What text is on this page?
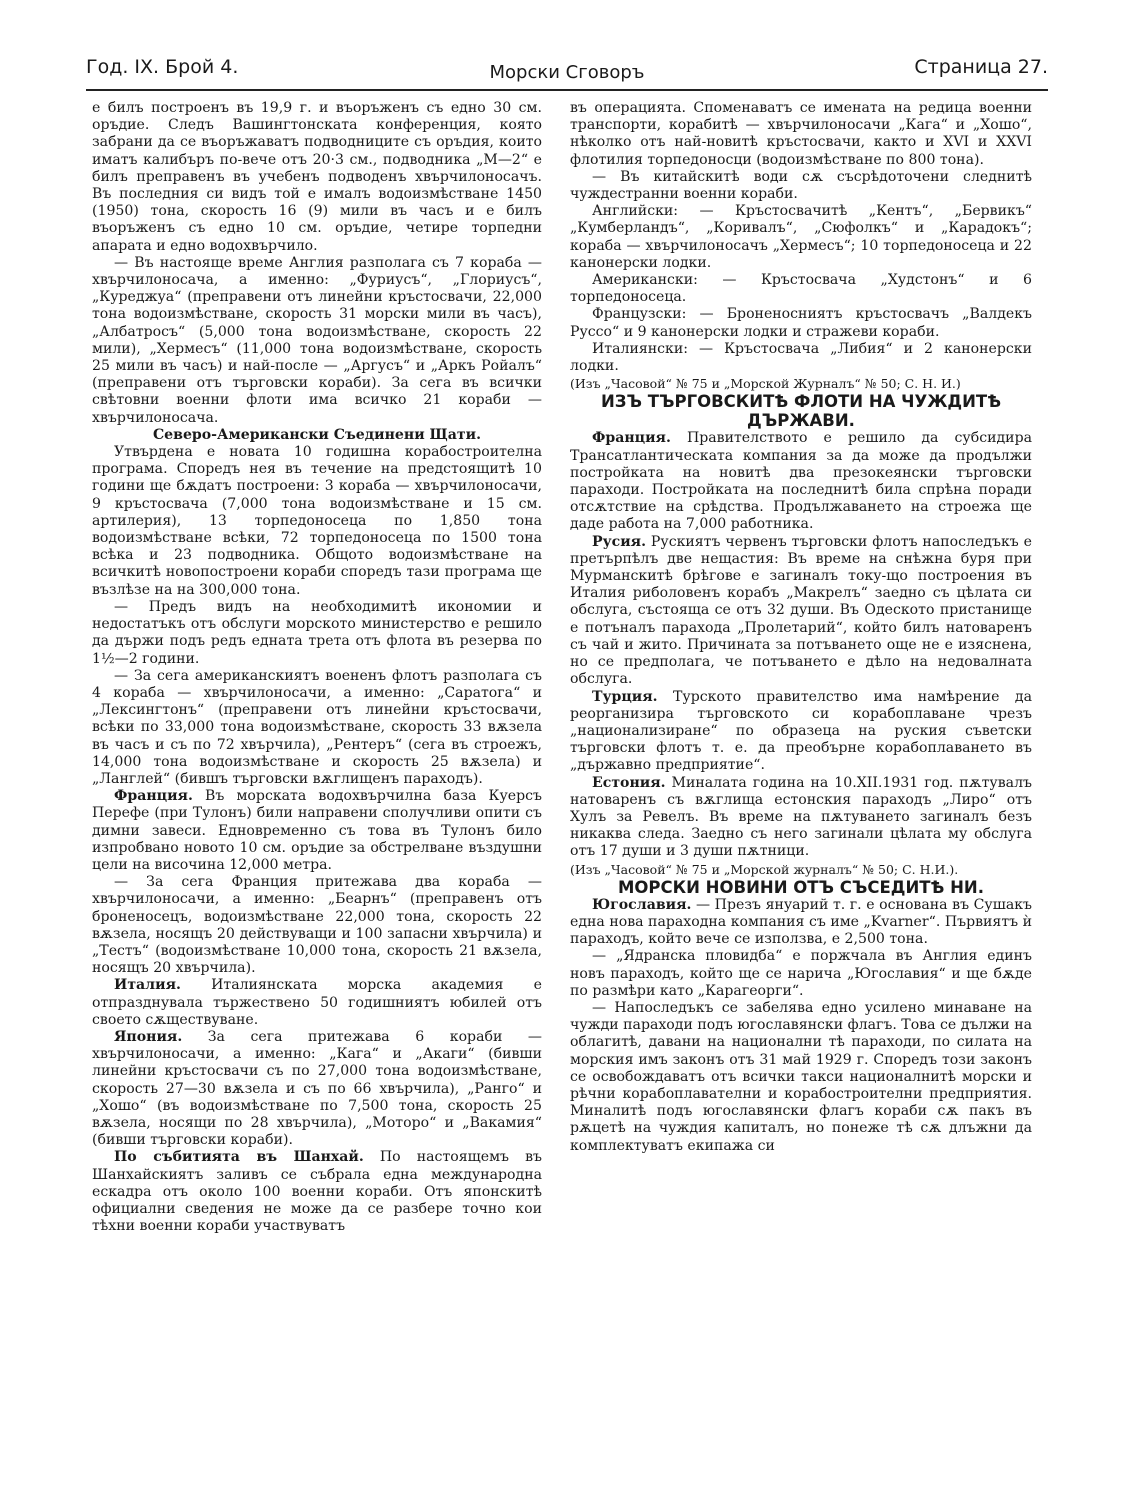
Год. IX. Брой 4.	Морски Сговоръ	Страница 27.

е билъ построенъ въ 19,9 г. и въоръженъ съ едно 30 см. оръдие. Следъ Вашингтонската конференция, която забрани да се въоръжаватъ подводниците съ оръдия, които иматъ калибъръ по-вече отъ 20·3 см., подводника „М—2“ е билъ преправенъ въ учебенъ подводенъ хвърчилоносачъ. Въ последния си видъ той е ималъ водоизмѣстване 1450 (1950) тона, скорость 16 (9) мили въ часъ и е билъ въоръженъ съ едно 10 см. оръдие, четире торпедни апарата и едно водохвърчило.

— Въ настояще време Англия разполага съ 7 кораба — хвърчилоносача, а именно: „Фуриусъ“, „Глориусъ“, „Куреджуа“ (преправени отъ линейни кръстосвачи, 22,000 тона водоизмѣстване, скорость 31 морски мили въ часъ), „Албатросъ“ (5,000 тона водоизмѣстване, скорость 22 мили), „Хермесъ“ (11,000 тона водоизмѣстване, скорость 25 мили въ часъ) и най-после — „Аргусъ“ и „Аркъ Ройалъ“ (преправени отъ търговски кораби). За сега въ всички свѣтовни военни флоти има всичко 21 кораби — хвърчилоносача.

Северо-Американски Съединени Щати.

Утвърдена е новата 10 годишна корабостроителна програма. Споредъ нея въ течение на предстоящитѣ 10 години ще бѫдатъ построени: 3 кораба — хвърчилоносачи, 9 кръстосвача (7,000 тона водоизмѣстване и 15 см. артилерия), 13 торпедоносеца по 1,850 тона водоизмѣстване всѣки, 72 торпедоносеца по 1500 тона всѣка и 23 подводника. Общото водоизмѣстване на всичкитѣ новопостроени кораби споредъ тази програма ще възлѣзе на на 300,000 тона.

— Предъ видъ на необходимитѣ икономии и недостатъкъ отъ обслуги морското министерство е решило да държи подъ редъ едната трета отъ флота въ резерва по 1½—2 години.

— За сега американскиятъ воененъ флотъ разполага съ 4 кораба — хвърчилоносачи, а именно: „Саратога“ и „Лексингтонъ“ (преправени отъ линейни кръстосвачи, всѣки по 33,000 тона водоизмѣстване, скорость 33 вѫзела въ часъ и съ по 72 хвърчила), „Рентеръ“ (сега въ строежъ, 14,000 тона водоизмѣстване и скорость 25 вѫзела) и „Ланглей“ (бившъ търговски вѫглищенъ параходъ).

Франция. Въ морската водохвърчилна база Куерсъ Перефе (при Тулонъ) били направени сполучливи опити съ димни завеси. Едновременно съ това въ Тулонъ било изпробвано новото 10 см. оръдие за обстрелване въздушни цели на височина 12,000 метра.

— За сега Франция притежава два кораба — хвърчилоносачи, а именно: „Беарнъ“ (преправенъ отъ броненосецъ, водоизмѣстване 22,000 тона, скорость 22 вѫзела, носящъ 20 действуващи и 100 запасни хвърчила) и „Тестъ“ (водоизмѣстване 10,000 тона, скорость 21 вѫзела, носящъ 20 хвърчила).

Италия. Италиянската морска академия е отпразднувала тържествено 50 годишниятъ юбилей отъ своето сѫществуване.

Япония. За сега притежава 6 кораби — хвърчилоносачи, а именно: „Кага“ и „Акаги“ (бивши линейни кръстосвачи съ по 27,000 тона водоизмѣстване, скорость 27—30 вѫзела и съ по 66 хвърчила), „Ранго“ и „Хошо“ (въ водоизмѣстване по 7,500 тона, скорость 25 вѫзела, носящи по 28 хвърчила), „Моторо“ и „Вакамия“ (бивши търговски кораби).

По събитията въ Шанхай. По настоящемъ въ Шанхайскиятъ заливъ се събрала една международна ескадра отъ около 100 военни кораби. Отъ японскитѣ официални сведения не може да се разбере точно кои тѣхни военни кораби участвуватъ

въ операцията. Споменаватъ се имената на редица военни транспорти, корабитѣ — хвърчилоносачи „Кага“ и „Хошо“, нѣколко отъ най-новитѣ кръстосвачи, както и XVI и XXVI флотилия торпедоносци (водоизмѣстване по 800 тона).

— Въ китайскитѣ води сѫ съсрѣдоточени следнитѣ чуждестранни военни кораби.

Английски: — Кръстосвачитѣ „Кентъ“, „Бервикъ“ „Кумберландъ“, „Коривалъ“, „Сюфолкъ“ и „Карадокъ“; кораба — хвърчилоносачъ „Хермесъ“; 10 торпедоносеца и 22 канонерски лодки.

Американски: — Кръстосвача „Худстонъ“ и 6 торпедоносеца.

Французски: — Броненосниятъ кръстосвачъ „Валдекъ Руссо“ и 9 канонерски лодки и стражеви кораби.

Италиянски: — Кръстосвача „Либия“ и 2 канонерски лодки.

(Изъ „Часовой“ № 75 и „Морской Журналъ“ № 50; С. Н. И.)

ИЗЪ ТЪРГОВСКИТѢ ФЛОТИ НА ЧУЖДИТѢ ДЪРЖАВИ.

Франция. Правителството е решило да субсидира Трансатлантическата компания за да може да продължи постройката на новитѣ два презокеянски търговски параходи. Постройката на последнитѣ била спрѣна поради отсѫтствие на срѣдства. Продължаването на строежа ще даде работа на 7,000 работника.

Русия. Рускиятъ червенъ търговски флотъ напоследъкъ е претърпѣлъ две нещастия: Въ време на снѣжна буря при Мурманскитѣ брѣгове е загиналъ току-що построения въ Италия риболовенъ корабъ „Макрелъ“ заедно съ цѣлата си обслуга, състояща се отъ 32 души. Въ Одеското пристанище е потъналъ парахода „Пролетарий“, който билъ натоваренъ съ чай и жито. Причината за потъването още не е изяснена, но се предполага, че потъването е дѣло на недовалната обслуга.

Турция. Турското правителство има намѣрение да реорганизира търговското си корабоплаване чрезъ „национализиране“ по образеца на руския съветски търговски флотъ т. е. да преобърне корабоплаването въ „държавно предприятие“.

Естония. Миналата година на 10.XII.1931 год. пѫтувалъ натоваренъ съ вѫглища естонския параходъ „Лиро“ отъ Хулъ за Ревелъ. Въ време на пѫтуването загиналъ безъ никаква следа. Заедно съ него загинали цѣлата му обслуга отъ 17 души и 3 души пѫтници.

(Изъ „Часовой“ № 75 и „Морской журналъ“ № 50; С. Н.И.).

МОРСКИ НОВИНИ ОТЪ СЪСЕДИТѢ НИ.

Югославия. — Презъ януарий т. г. е основана въ Сушакъ една нова параходна компания съ име „Kvarner“. Първиятъ ѝ параходъ, който вече се използва, е 2,500 тона.

— „Ядранска пловидба“ е поржчала въ Англия единъ новъ параходъ, който ще се нарича „Югославия“ и ще бѫде по размѣри като „Карагеорги“.

— Напоследъкъ се забелява едно усилено минаване на чужди параходи подъ югославянски флагъ. Това се дължи на облагитѣ, давани на национални тѣ параходи, по силата на морския имъ законъ отъ 31 май 1929 г. Споредъ този законъ се освобождаватъ отъ всички такси националнитѣ морски и рѣчни корабоплавателни и корабостроителни предприятия. Миналитѣ подъ югославянски флагъ кораби сѫ пакъ въ рѫцетѣ на чуждия капиталъ, но понеже тѣ сѫ длъжни да комплектуватъ екипажа си
